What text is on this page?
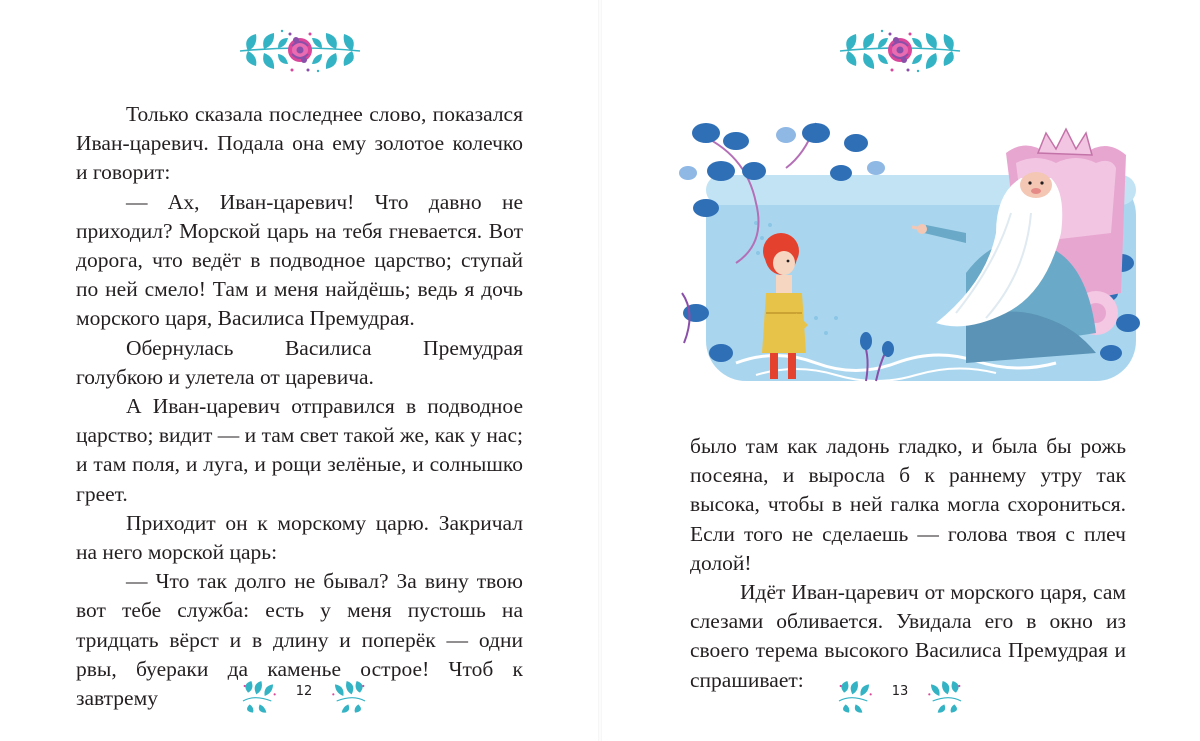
Только сказала последнее слово, показался Иван-царевич. Подала она ему золотое колечко и говорит:

— Ах, Иван-царевич! Что давно не приходил? Морской царь на тебя гневается. Вот дорога, что ведёт в подводное царство; ступай по ней смело! Там и меня найдёшь; ведь я дочь морского царя, Василиса Премудрая.

Обернулась Василиса Премудрая голубкою и улетела от царевича.

А Иван-царевич отправился в подводное царство; видит — и там свет такой же, как у нас; и там поля, и луга, и рощи зелёные, и солнышко греет.

Приходит он к морскому царю. Закричал на него морской царь:

— Что так долго не бывал? За вину твою вот тебе служба: есть у меня пустошь на тридцать вёрст и в длину и поперёк — одни рвы, буераки да каменье острое! Чтоб к завтрему	12

было там как ладонь гладко, и была бы рожь посеяна, и выросла б к раннему утру так высока, чтобы в ней галка могла схорониться. Если того не сделаешь — голова твоя с плеч долой!

Идёт Иван-царевич от морского царя, сам слезами обливается. Увидала его в окно из своего терема высокого Василиса Премудрая и спрашивает:	13
